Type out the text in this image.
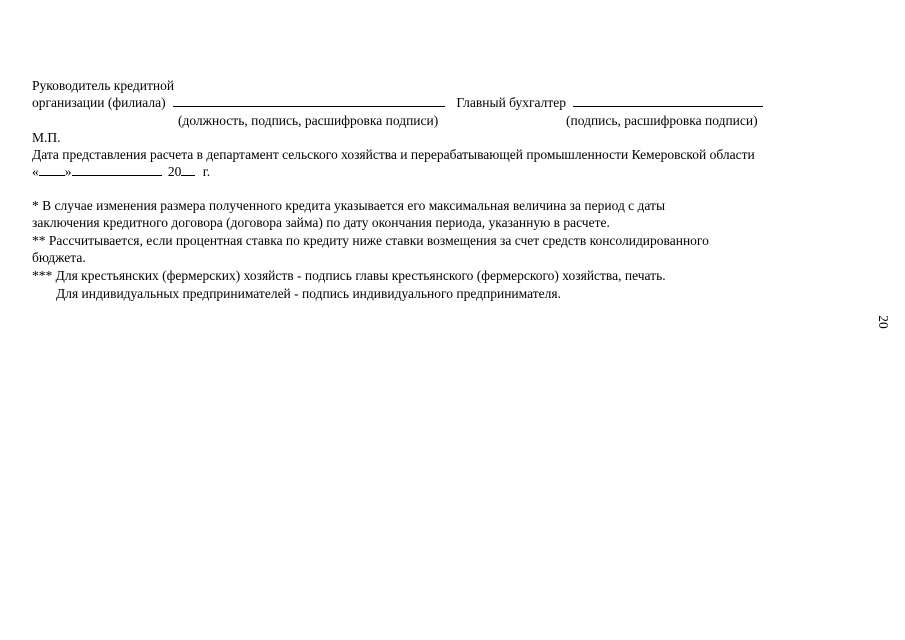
Руководитель кредитной
организации (филиала)	Главный бухгалтер
(должность, подпись, расшифровка подписи)	(подпись, расшифровка подписи)
М.П.
Дата представления расчета в департамент сельского хозяйства и перерабатывающей промышленности Кемеровской области
« »	20 г.
* В случае изменения размера полученного кредита указывается его максимальная величина за период с даты
заключения кредитного договора (договора займа) по дату окончания периода, указанную в расчете.
** Рассчитывается, если процентная ставка по кредиту ниже ставки возмещения за счет средств консолидированного
бюджета.
*** Для крестьянских (фермерских) хозяйств - подпись главы крестьянского (фермерского) хозяйства, печать.
Для индивидуальных предпринимателей - подпись индивидуального предпринимателя.
20
